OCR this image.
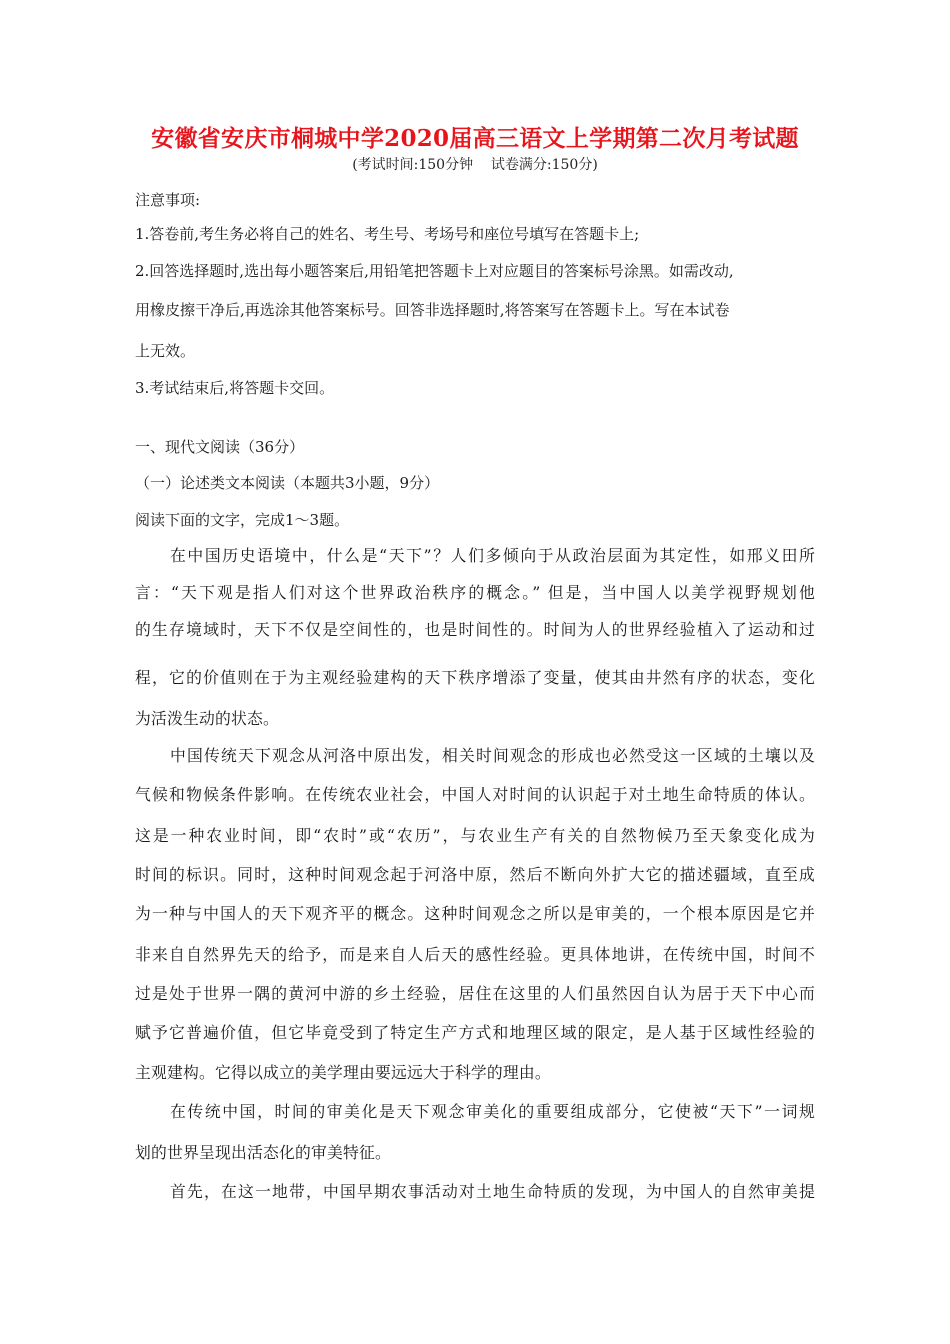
安徽省安庆市桐城中学2020届高三语文上学期第二次月考试题
(考试时间:150分钟    试卷满分:150分)
注意事项:
1.答卷前,考生务必将自己的姓名、考生号、考场号和座位号填写在答题卡上;
2.回答选择题时,选出每小题答案后,用铅笔把答题卡上对应题目的答案标号涂黑。如需改动,
用橡皮擦干净后,再选涂其他答案标号。回答非选择题时,将答案写在答题卡上。写在本试卷
上无效。
3.考试结束后,将答题卡交回。
一、现代文阅读（36分）
（一）论述类文本阅读（本题共3小题，9分）
阅读下面的文字，完成1～3题。
在中国历史语境中，什么是“天下”？人们多倾向于从政治层面为其定性，如邢义田所
言：“天下观是指人们对这个世界政治秩序的概念。” 但是，当中国人以美学视野规划他
的生存境域时，天下不仅是空间性的，也是时间性的。时间为人的世界经验植入了运动和过
程，它的价值则在于为主观经验建构的天下秩序增添了变量，使其由井然有序的状态，变化
为活泼生动的状态。
中国传统天下观念从河洛中原出发，相关时间观念的形成也必然受这一区域的土壤以及
气候和物候条件影响。在传统农业社会，中国人对时间的认识起于对土地生命特质的体认。
这是一种农业时间，即“农时”或“农历”，与农业生产有关的自然物候乃至天象变化成为
时间的标识。同时，这种时间观念起于河洛中原，然后不断向外扩大它的描述疆域，直至成
为一种与中国人的天下观齐平的概念。这种时间观念之所以是审美的，一个根本原因是它并
非来自自然界先天的给予，而是来自人后天的感性经验。更具体地讲，在传统中国，时间不
过是处于世界一隅的黄河中游的乡土经验，居住在这里的人们虽然因自认为居于天下中心而
赋予它普遍价值，但它毕竟受到了特定生产方式和地理区域的限定，是人基于区域性经验的
主观建构。它得以成立的美学理由要远远大于科学的理由。
在传统中国，时间的审美化是天下观念审美化的重要组成部分，它使被“天下”一词规
划的世界呈现出活态化的审美特征。
首先，在这一地带，中国早期农事活动对土地生命特质的发现，为中国人的自然审美提
